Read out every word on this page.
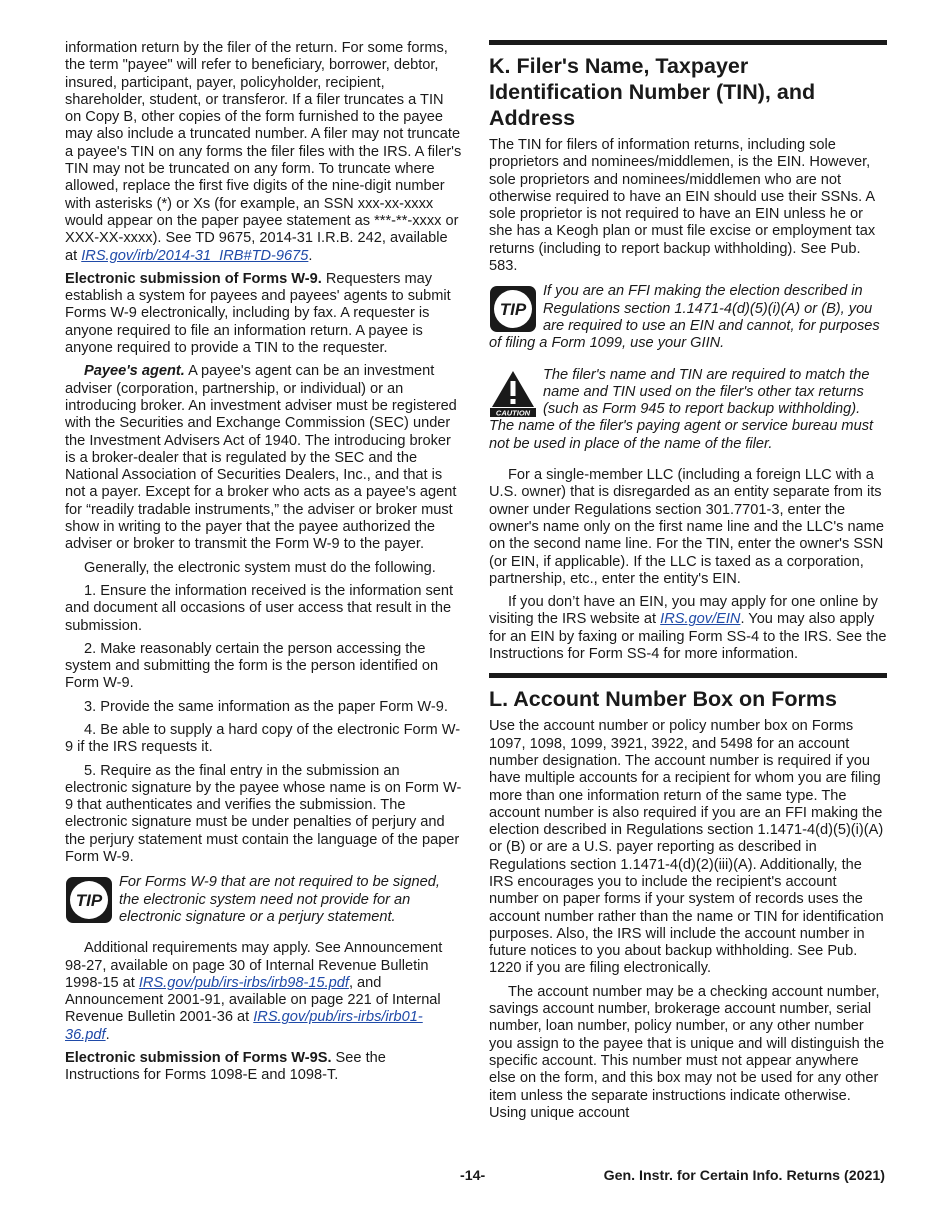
information return by the filer of the return. For some forms, the term "payee" will refer to beneficiary, borrower, debtor, insured, participant, payer, policyholder, recipient, shareholder, student, or transferor. If a filer truncates a TIN on Copy B, other copies of the form furnished to the payee may also include a truncated number. A filer may not truncate a payee's TIN on any forms the filer files with the IRS. A filer's TIN may not be truncated on any form. To truncate where allowed, replace the first five digits of the nine-digit number with asterisks (*) or Xs (for example, an SSN xxx-xx-xxxx would appear on the paper payee statement as ***-**-xxxx or XXX-XX-xxxx). See TD 9675, 2014-31 I.R.B. 242, available at IRS.gov/irb/2014-31_IRB#TD-9675.

Electronic submission of Forms W-9. Requesters may establish a system for payees and payees' agents to submit Forms W-9 electronically, including by fax. A requester is anyone required to file an information return. A payee is anyone required to provide a TIN to the requester.

Payee's agent. A payee's agent can be an investment adviser (corporation, partnership, or individual) or an introducing broker. An investment adviser must be registered with the Securities and Exchange Commission (SEC) under the Investment Advisers Act of 1940. The introducing broker is a broker-dealer that is regulated by the SEC and the National Association of Securities Dealers, Inc., and that is not a payer. Except for a broker who acts as a payee's agent for “readily tradable instruments,” the adviser or broker must show in writing to the payer that the payee authorized the adviser or broker to transmit the Form W-9 to the payer.

Generally, the electronic system must do the following.

1. Ensure the information received is the information sent and document all occasions of user access that result in the submission.

2. Make reasonably certain the person accessing the system and submitting the form is the person identified on Form W-9.

3. Provide the same information as the paper Form W-9.

4. Be able to supply a hard copy of the electronic Form W-9 if the IRS requests it.

5. Require as the final entry in the submission an electronic signature by the payee whose name is on Form W-9 that authenticates and verifies the submission. The electronic signature must be under penalties of perjury and the perjury statement must contain the language of the paper Form W-9.

TIP
For Forms W-9 that are not required to be signed, the electronic system need not provide for an electronic signature or a perjury statement.

Additional requirements may apply. See Announcement 98-27, available on page 30 of Internal Revenue Bulletin 1998-15 at IRS.gov/pub/irs-irbs/irb98-15.pdf, and Announcement 2001-91, available on page 221 of Internal Revenue Bulletin 2001-36 at IRS.gov/pub/irs-irbs/irb01-36.pdf.

Electronic submission of Forms W-9S. See the Instructions for Forms 1098-E and 1098-T.

K. Filer's Name, Taxpayer Identification Number (TIN), and Address

The TIN for filers of information returns, including sole proprietors and nominees/middlemen, is the EIN. However, sole proprietors and nominees/middlemen who are not otherwise required to have an EIN should use their SSNs. A sole proprietor is not required to have an EIN unless he or she has a Keogh plan or must file excise or employment tax returns (including to report backup withholding). See Pub. 583.

TIP
If you are an FFI making the election described in Regulations section 1.1471-4(d)(5)(i)(A) or (B), you are required to use an EIN and cannot, for purposes of filing a Form 1099, use your GIIN.
CAUTION
The filer's name and TIN are required to match the name and TIN used on the filer's other tax returns (such as Form 945 to report backup withholding). The name of the filer's paying agent or service bureau must not be used in place of the name of the filer.

For a single-member LLC (including a foreign LLC with a U.S. owner) that is disregarded as an entity separate from its owner under Regulations section 301.7701-3, enter the owner's name only on the first name line and the LLC's name on the second name line. For the TIN, enter the owner's SSN (or EIN, if applicable). If the LLC is taxed as a corporation, partnership, etc., enter the entity's EIN.

If you don’t have an EIN, you may apply for one online by visiting the IRS website at IRS.gov/EIN. You may also apply for an EIN by faxing or mailing Form SS-4 to the IRS. See the Instructions for Form SS-4 for more information.

L. Account Number Box on Forms

Use the account number or policy number box on Forms 1097, 1098, 1099, 3921, 3922, and 5498 for an account number designation. The account number is required if you have multiple accounts for a recipient for whom you are filing more than one information return of the same type. The account number is also required if you are an FFI making the election described in Regulations section 1.1471-4(d)(5)(i)(A) or (B) or are a U.S. payer reporting as described in Regulations section 1.1471-4(d)(2)(iii)(A). Additionally, the IRS encourages you to include the recipient's account number on paper forms if your system of records uses the account number rather than the name or TIN for identification purposes. Also, the IRS will include the account number in future notices to you about backup withholding. See Pub. 1220 if you are filing electronically.

The account number may be a checking account number, savings account number, brokerage account number, serial number, loan number, policy number, or any other number you assign to the payee that is unique and will distinguish the specific account. This number must not appear anywhere else on the form, and this box may not be used for any other item unless the separate instructions indicate otherwise. Using unique account

-14-	Gen. Instr. for Certain Info. Returns (2021)
